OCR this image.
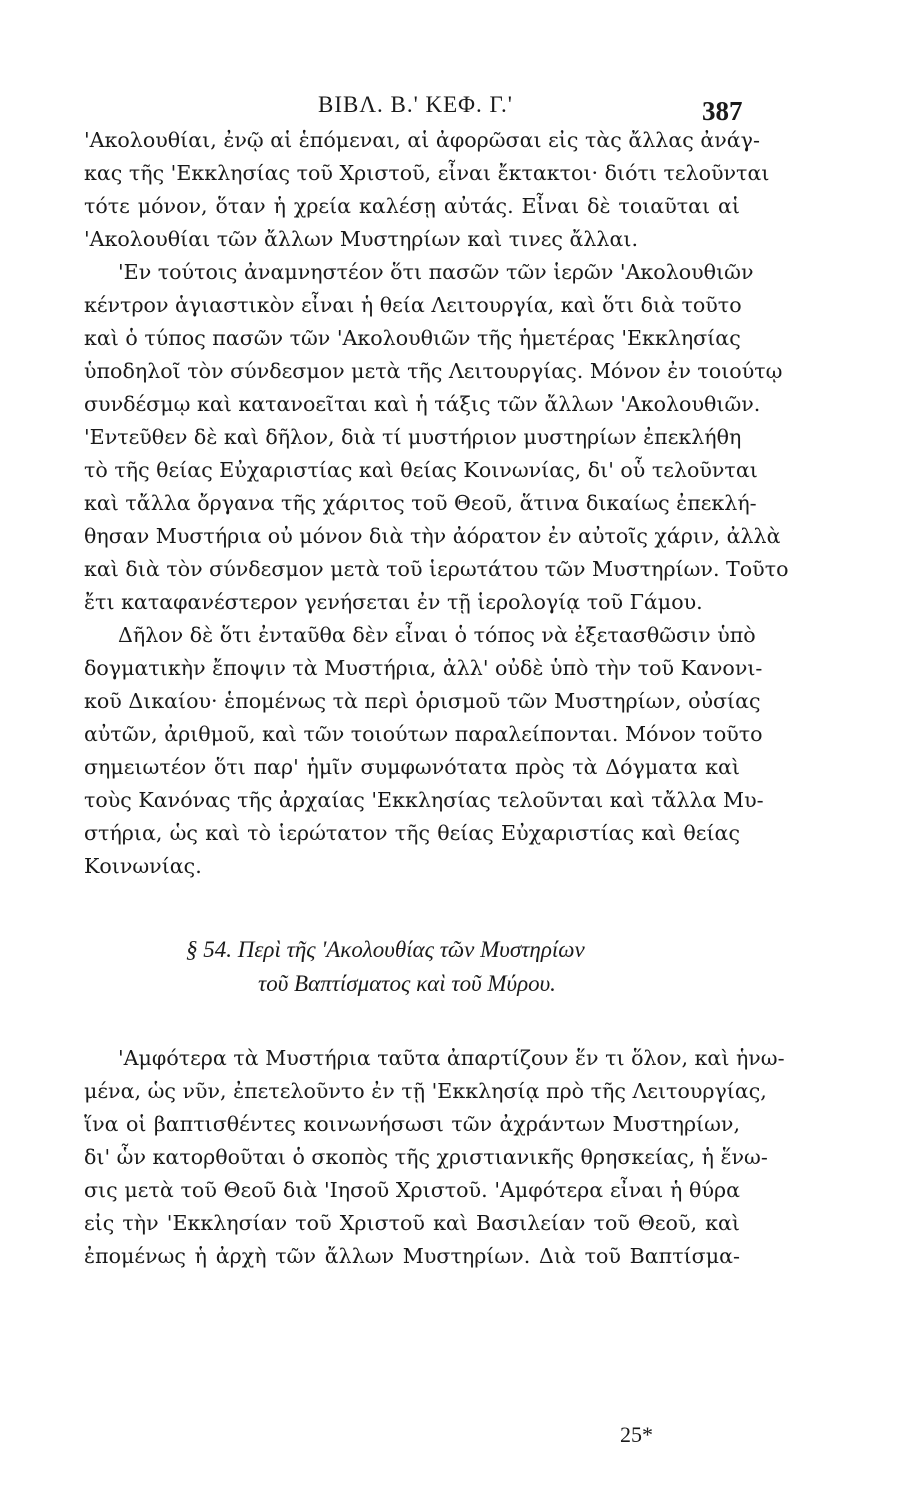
ΒΙΒΛ. Β.' ΚΕΦ. Γ.'	387
'Ακολουθίαι, ἐνῷ αἱ ἑπόμεναι, αἱ ἀφορῶσαι εἰς τὰς ἄλλας ἀνάγ-
κας τῆς 'Εκκλησίας τοῦ Χριστοῦ, εἶναι ἔκτακτοι· διότι τελοῦνται
τότε μόνον, ὅταν ἡ χρεία καλέσῃ αὐτάς. Εἶναι δὲ τοιαῦται αἱ
'Ακολουθίαι τῶν ἄλλων Μυστηρίων καὶ τινες ἄλλαι.
'Εν τούτοις ἀναμνηστέον ὅτι πασῶν τῶν ἱερῶν 'Ακολουθιῶν
κέντρον ἁγιαστικὸν εἶναι ἡ θεία Λειτουργία, καὶ ὅτι διὰ τοῦτο
καὶ ὁ τύπος πασῶν τῶν 'Ακολουθιῶν τῆς ἡμετέρας 'Εκκλησίας
ὑποδηλοῖ τὸν σύνδεσμον μετὰ τῆς Λειτουργίας. Μόνον ἐν τοιούτῳ
συνδέσμῳ καὶ κατανοεῖται καὶ ἡ τάξις τῶν ἄλλων 'Ακολουθιῶν.
'Εντεῦθεν δὲ καὶ δῆλον, διὰ τί μυστήριον μυστηρίων ἐπεκλήθη
τὸ τῆς θείας Εὐχαριστίας καὶ θείας Κοινωνίας, δι' οὗ τελοῦνται
καὶ τἄλλα ὄργανα τῆς χάριτος τοῦ Θεοῦ, ἅτινα δικαίως ἐπεκλή-
θησαν Μυστήρια οὐ μόνον διὰ τὴν ἀόρατον ἐν αὐτοῖς χάριν, ἀλλὰ
καὶ διὰ τὸν σύνδεσμον μετὰ τοῦ ἱερωτάτου τῶν Μυστηρίων. Τοῦτο
ἔτι καταφανέστερον γενήσεται ἐν τῇ ἱερολογίᾳ τοῦ Γάμου.
Δῆλον δὲ ὅτι ἐνταῦθα δὲν εἶναι ὁ τόπος νὰ ἐξετασθῶσιν ὑπὸ
δογματικὴν ἔποψιν τὰ Μυστήρια, ἀλλ' οὐδὲ ὑπὸ τὴν τοῦ Κανονι-
κοῦ Δικαίου· ἑπομένως τὰ περὶ ὁρισμοῦ τῶν Μυστηρίων, οὐσίας
αὐτῶν, ἀριθμοῦ, καὶ τῶν τοιούτων παραλείπονται. Μόνον τοῦτο
σημειωτέον ὅτι παρ' ἡμῖν συμφωνότατα πρὸς τὰ Δόγματα καὶ
τοὺς Κανόνας τῆς ἀρχαίας 'Εκκλησίας τελοῦνται καὶ τἄλλα Μυ-
στήρια, ὡς καὶ τὸ ἱερώτατον τῆς θείας Εὐχαριστίας καὶ θείας
Κοινωνίας.
§ 54. Περὶ τῆς 'Ακολουθίας τῶν Μυστηρίων
τοῦ Βαπτίσματος καὶ τοῦ Μύρου.
'Αμφότερα τὰ Μυστήρια ταῦτα ἀπαρτίζουν ἕν τι ὅλον, καὶ ἡνω-
μένα, ὡς νῦν, ἐπετελοῦντο ἐν τῇ 'Εκκλησίᾳ πρὸ τῆς Λειτουργίας,
ἵνα οἱ βαπτισθέντες κοινωνήσωσι τῶν ἀχράντων Μυστηρίων,
δι' ὧν κατορθοῦται ὁ σκοπὸς τῆς χριστιανικῆς θρησκείας, ἡ ἕνω-
σις μετὰ τοῦ Θεοῦ διὰ 'Ιησοῦ Χριστοῦ. 'Αμφότερα εἶναι ἡ θύρα
εἰς τὴν 'Εκκλησίαν τοῦ Χριστοῦ καὶ Βασιλείαν τοῦ Θεοῦ, καὶ
ἐπομένως ἡ ἀρχὴ τῶν ἄλλων Μυστηρίων. Διὰ τοῦ Βαπτίσμα-
25*
